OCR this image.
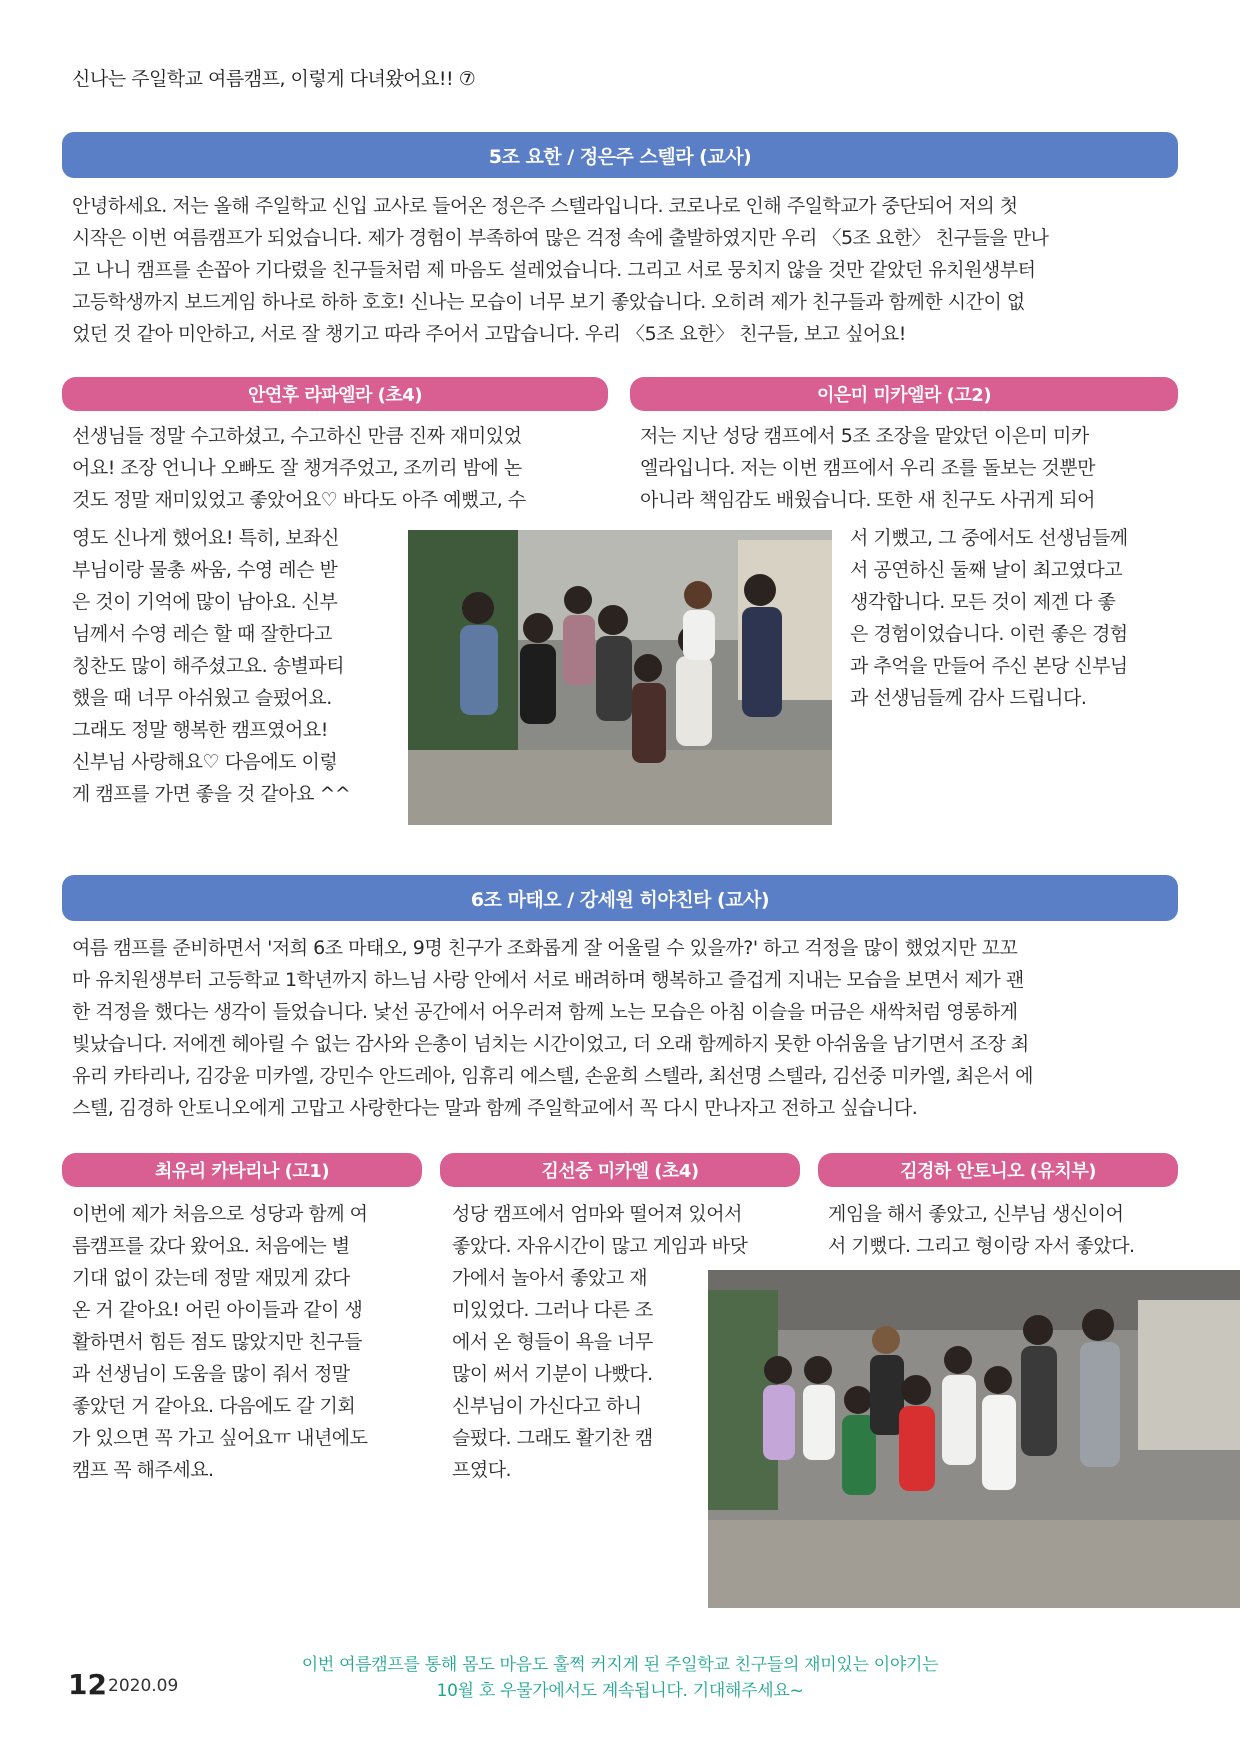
신나는 주일학교 여름캠프, 이렇게 다녀왔어요!! ⑦
5조 요한 / 정은주 스텔라 (교사)
안녕하세요. 저는 올해 주일학교 신입 교사로 들어온 정은주 스텔라입니다. 코로나로 인해 주일학교가 중단되어 저의 첫
시작은 이번 여름캠프가 되었습니다. 제가 경험이 부족하여 많은 걱정 속에 출발하였지만 우리 〈5조 요한〉 친구들을 만나
고 나니 캠프를 손꼽아 기다렸을 친구들처럼 제 마음도 설레었습니다. 그리고 서로 뭉치지 않을 것만 같았던 유치원생부터
고등학생까지 보드게임 하나로 하하 호호! 신나는 모습이 너무 보기 좋았습니다. 오히려 제가 친구들과 함께한 시간이 없
었던 것 같아 미안하고, 서로 잘 챙기고 따라 주어서 고맙습니다. 우리 〈5조 요한〉 친구들, 보고 싶어요!
안연후 라파엘라 (초4)
선생님들 정말 수고하셨고, 수고하신 만큼 진짜 재미있었
어요! 조장 언니나 오빠도 잘 챙겨주었고, 조끼리 밤에 논
것도 정말 재미있었고 좋았어요♡ 바다도 아주 예뻤고, 수
영도 신나게 했어요! 특히, 보좌신
부님이랑 물총 싸움, 수영 레슨 받
은 것이 기억에 많이 남아요. 신부
님께서 수영 레슨 할 때 잘한다고
칭찬도 많이 해주셨고요. 송별파티
했을 때 너무 아쉬웠고 슬펐어요.
그래도 정말 행복한 캠프였어요!
신부님 사랑해요♡ 다음에도 이렇
게 캠프를 가면 좋을 것 같아요 ^^
이은미 미카엘라 (고2)
저는 지난 성당 캠프에서 5조 조장을 맡았던 이은미 미카
엘라입니다. 저는 이번 캠프에서 우리 조를 돌보는 것뿐만
아니라 책임감도 배웠습니다. 또한 새 친구도 사귀게 되어
서 기뻤고, 그 중에서도 선생님들께
서 공연하신 둘째 날이 최고였다고
생각합니다. 모든 것이 제겐 다 좋
은 경험이었습니다. 이런 좋은 경험
과 추억을 만들어 주신 본당 신부님
과 선생님들께 감사 드립니다.
6조 마태오 / 강세원 히야친타 (교사)
여름 캠프를 준비하면서 '저희 6조 마태오, 9명 친구가 조화롭게 잘 어울릴 수 있을까?' 하고 걱정을 많이 했었지만 꼬꼬
마 유치원생부터 고등학교 1학년까지 하느님 사랑 안에서 서로 배려하며 행복하고 즐겁게 지내는 모습을 보면서 제가 괜
한 걱정을 했다는 생각이 들었습니다. 낯선 공간에서 어우러져 함께 노는 모습은 아침 이슬을 머금은 새싹처럼 영롱하게
빛났습니다. 저에겐 헤아릴 수 없는 감사와 은총이 넘치는 시간이었고, 더 오래 함께하지 못한 아쉬움을 남기면서 조장 최
유리 카타리나, 김강윤 미카엘, 강민수 안드레아, 임휴리 에스텔, 손윤희 스텔라, 최선명 스텔라, 김선중 미카엘, 최은서 에
스텔, 김경하 안토니오에게 고맙고 사랑한다는 말과 함께 주일학교에서 꼭 다시 만나자고 전하고 싶습니다.
최유리 카타리나 (고1)
이번에 제가 처음으로 성당과 함께 여
름캠프를 갔다 왔어요. 처음에는 별
기대 없이 갔는데 정말 재밌게 갔다
온 거 같아요! 어린 아이들과 같이 생
활하면서 힘든 점도 많았지만 친구들
과 선생님이 도움을 많이 줘서 정말
좋았던 거 같아요. 다음에도 갈 기회
가 있으면 꼭 가고 싶어요ㅠ 내년에도
캠프 꼭 해주세요.
김선중 미카엘 (초4)
성당 캠프에서 엄마와 떨어져 있어서
좋았다. 자유시간이 많고 게임과 바닷
가에서 놀아서 좋았고 재
미있었다. 그러나 다른 조
에서 온 형들이 욕을 너무
많이 써서 기분이 나빴다.
신부님이 가신다고 하니
슬펐다. 그래도 활기찬 캠
프였다.
김경하 안토니오 (유치부)
게임을 해서 좋았고, 신부님 생신이어
서 기뻤다. 그리고 형이랑 자서 좋았다.
12 2020.09
이번 여름캠프를 통해 몸도 마음도 훌쩍 커지게 된 주일학교 친구들의 재미있는 이야기는
10월 호 우물가에서도 계속됩니다. 기대해주세요~
